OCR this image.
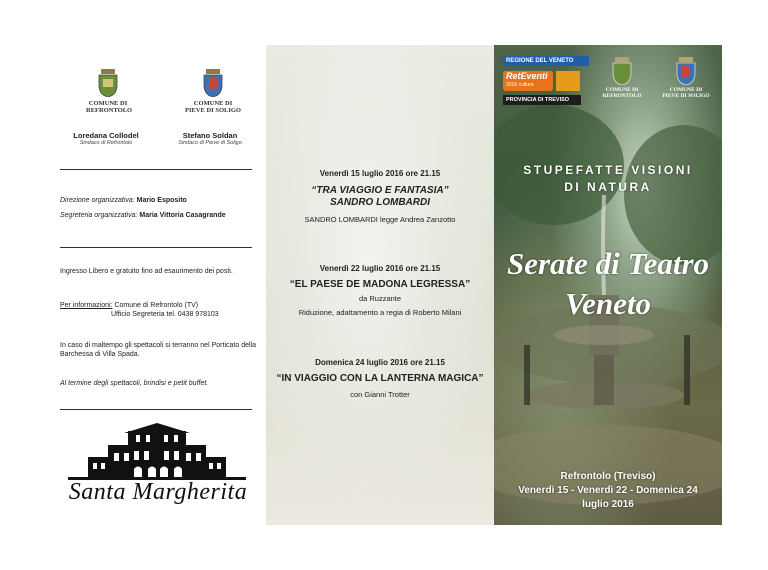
COMUNE DI
REFRONTOLO
COMUNE DI
PIEVE DI SOLIGO
Loredana Collodel
Sindaco di Refrontolo
Stefano Soldan
Sindaco di Pieve di Soligo
Direzione organizzativa: Mario Esposito
Segreteria organizzativa: Maria Vittoria Casagrande
Ingresso Libero e gratuito fino ad esaurimento dei posti.
Per informazioni: Comune di Refrontolo (TV)
Ufficio Segreteria tel. 0438 978103
In caso di maltempo gli spettacoli si terranno nel Porticato della Barchessa di Villa Spada.
Al termine degli spettacoli, brindisi e petit buffet.
Santa Margherita
Venerdì 15 luglio 2016 ore 21.15
“TRA VIAGGIO E FANTASIA”
SANDRO LOMBARDI
SANDRO LOMBARDI legge Andrea Zanzotto
Venerdì 22 luglio 2016 ore 21.15
“EL PAESE DE MADONA LEGRESSA”
da Ruzzante
Riduzione, adattamento a regia di Roberto Milani
Domenica 24 luglio 2016 ore 21.15
“IN VIAGGIO CON LA LANTERNA MAGICA”
con Gianni Trotter
REGIONE DEL VENETO
RetEventi
2016 cultura
PROVINCIA DI TREVISO
COMUNE DI
REFRONTOLO
COMUNE DI
PIEVE DI SOLIGO
STUPEFATTE VISIONI
DI NATURA
Serate di Teatro
Veneto
Refrontolo (Treviso)
Venerdì 15 - Venerdì 22 - Domenica 24
luglio 2016
